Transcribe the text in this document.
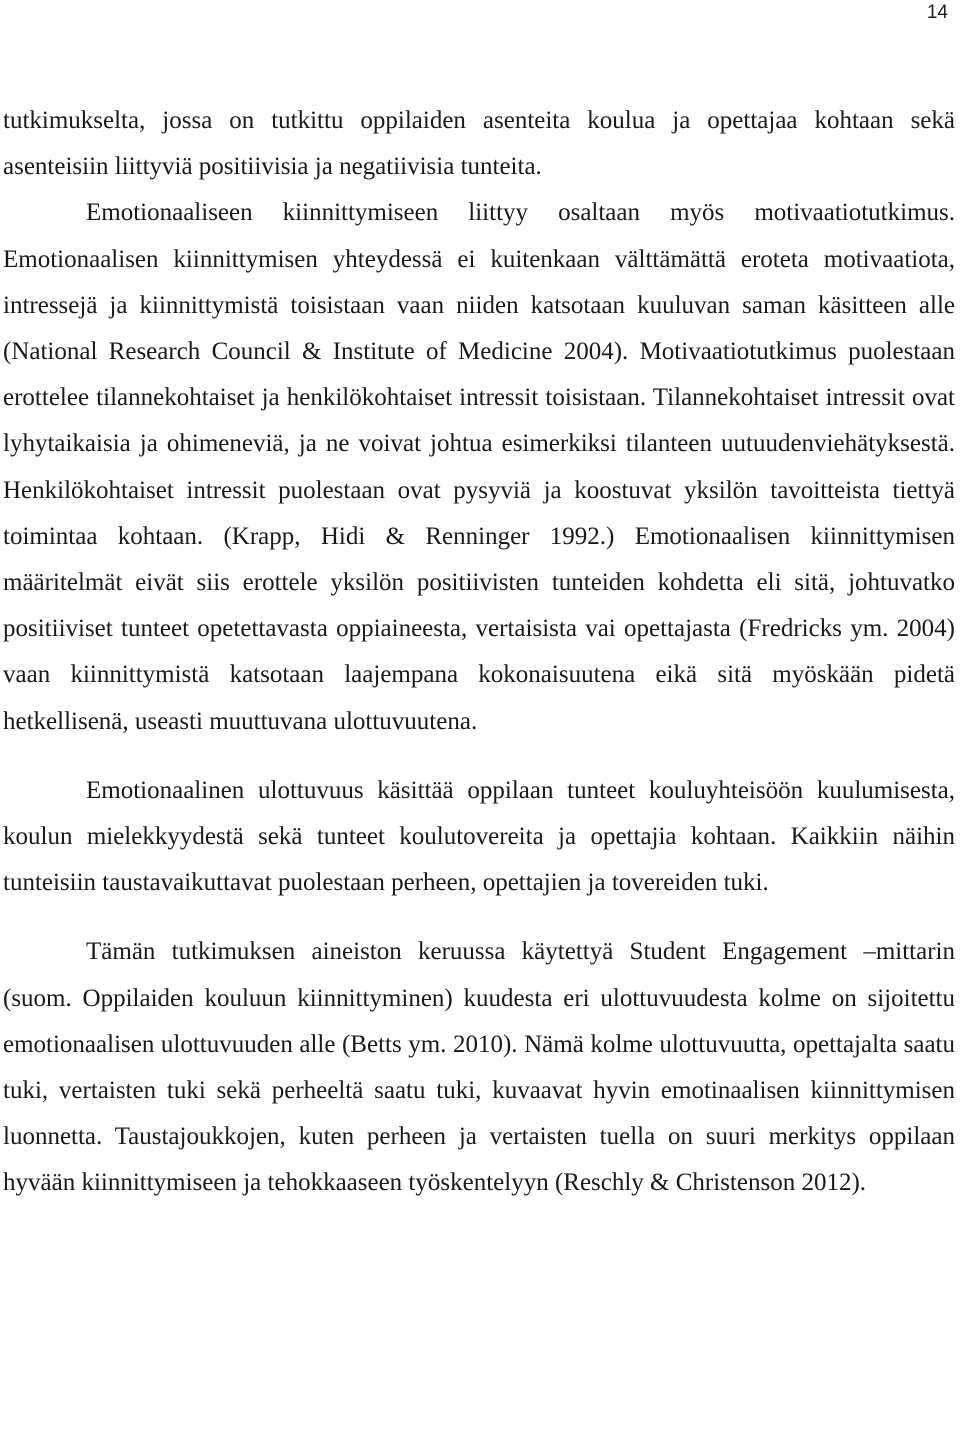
14

tutkimukselta, jossa on tutkittu oppilaiden asenteita koulua ja opettajaa kohtaan sekä asenteisiin liittyviä positiivisia ja negatiivisia tunteita.

Emotionaaliseen kiinnittymiseen liittyy osaltaan myös motivaatiotutkimus. Emotionaalisen kiinnittymisen yhteydessä ei kuitenkaan välttämättä eroteta motivaatiota, intressejä ja kiinnittymistä toisistaan vaan niiden katsotaan kuuluvan saman käsitteen alle (National Research Council & Institute of Medicine 2004). Motivaatiotutkimus puolestaan erottelee tilannekohtaiset ja henkilökohtaiset intressit toisistaan. Tilannekohtaiset intressit ovat lyhytaikaisia ja ohimeneviä, ja ne voivat johtua esimerkiksi tilanteen uutuudenviehätyksestä. Henkilökohtaiset intressit puolestaan ovat pysyviä ja koostuvat yksilön tavoitteista tiettyä toimintaa kohtaan. (Krapp, Hidi & Renninger 1992.) Emotionaalisen kiinnittymisen määritelmät eivät siis erottele yksilön positiivisten tunteiden kohdetta eli sitä, johtuvatko positiiviset tunteet opetettavasta oppiaineesta, vertaisista vai opettajasta (Fredricks ym. 2004) vaan kiinnittymistä katsotaan laajempana kokonaisuutena eikä sitä myöskään pidetä hetkellisenä, useasti muuttuvana ulottuvuutena.

Emotionaalinen ulottuvuus käsittää oppilaan tunteet kouluyhteisöön kuulumisesta, koulun mielekkyydestä sekä tunteet koulutovereita ja opettajia kohtaan. Kaikkiin näihin tunteisiin taustavaikuttavat puolestaan perheen, opettajien ja tovereiden tuki.

Tämän tutkimuksen aineiston keruussa käytettyä Student Engagement –mittarin (suom. Oppilaiden kouluun kiinnittyminen) kuudesta eri ulottuvuudesta kolme on sijoitettu emotionaalisen ulottuvuuden alle (Betts ym. 2010). Nämä kolme ulottuvuutta, opettajalta saatu tuki, vertaisten tuki sekä perheeltä saatu tuki, kuvaavat hyvin emotinaalisen kiinnittymisen luonnetta. Taustajoukkojen, kuten perheen ja vertaisten tuella on suuri merkitys oppilaan hyvään kiinnittymiseen ja tehokkaaseen työskentelyyn (Reschly & Christenson 2012).
